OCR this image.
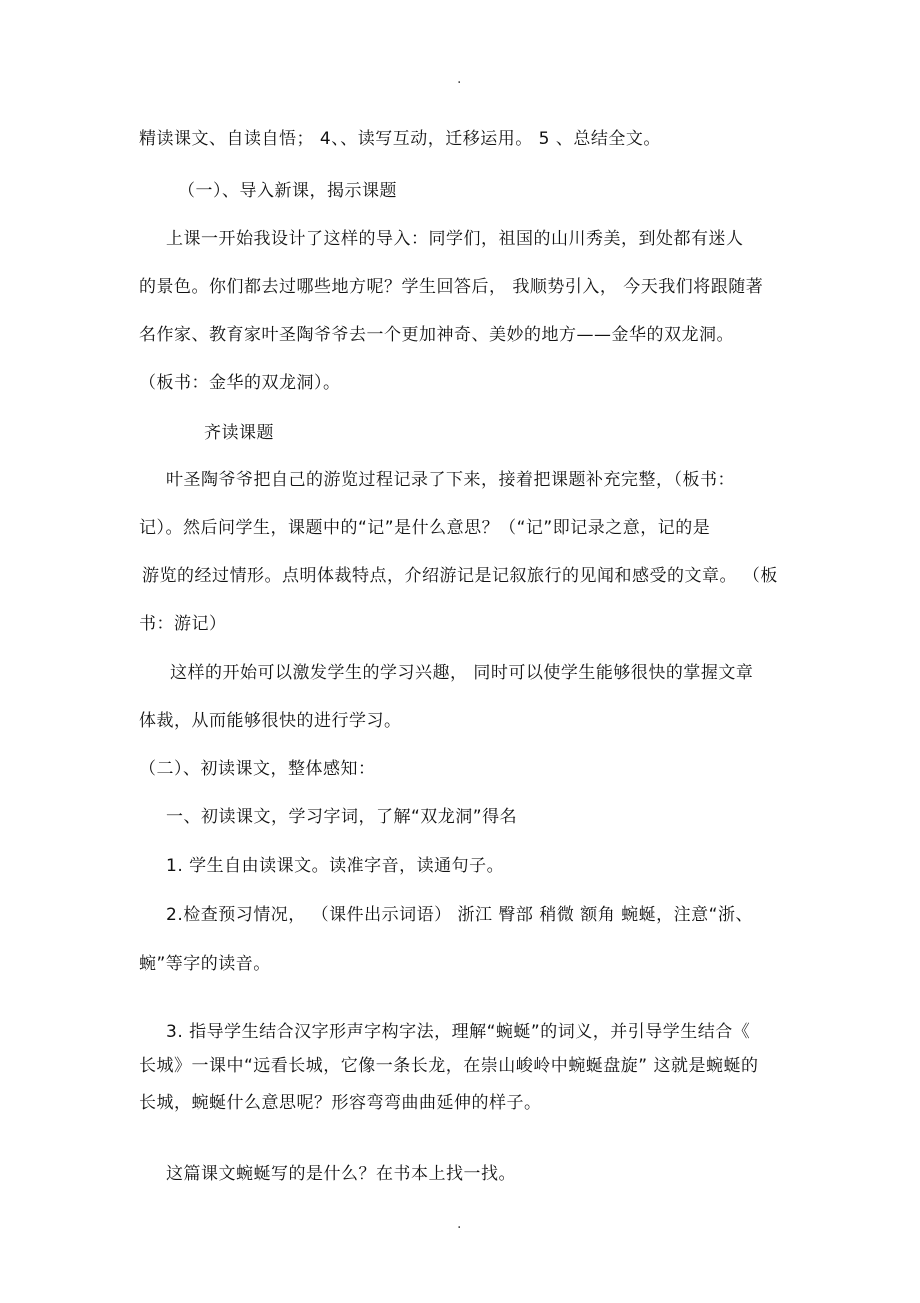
.
精读课文、自读自悟； 4、、读写互动，迁移运用。 5 、总结全文。
（一）、导入新课，揭示课题
上课一开始我设计了这样的导入：同学们，祖国的山川秀美，到处都有迷人
的景色。你们都去过哪些地方呢？学生回答后， 我顺势引入， 今天我们将跟随著
名作家、教育家叶圣陶爷爷去一个更加神奇、美妙的地方——金华的双龙洞。
（板书：金华的双龙洞）。
齐读课题
叶圣陶爷爷把自己的游览过程记录了下来，接着把课题补充完整，（板书：
记）。然后问学生，课题中的“记”是什么意思？（“记”即记录之意，记的是
游览的经过情形。点明体裁特点，介绍游记是记叙旅行的见闻和感受的文章。 （板
书：游记）
这样的开始可以激发学生的学习兴趣， 同时可以使学生能够很快的掌握文章
体裁，从而能够很快的进行学习。
（二）、初读课文，整体感知：
一、初读课文，学习字词，了解“双龙洞”得名
1. 学生自由读课文。读准字音，读通句子。
2.检查预习情况， （课件出示词语） 浙江 臀部 稍微 额角 蜿蜒，注意“浙、
蜿”等字的读音。
3. 指导学生结合汉字形声字构字法，理解“蜿蜒”的词义，并引导学生结合《
长城》一课中“远看长城，它像一条长龙，在崇山峻岭中蜿蜒盘旋” 这就是蜿蜒的
长城，蜿蜒什么意思呢？形容弯弯曲曲延伸的样子。
这篇课文蜿蜒写的是什么？在书本上找一找。
.
